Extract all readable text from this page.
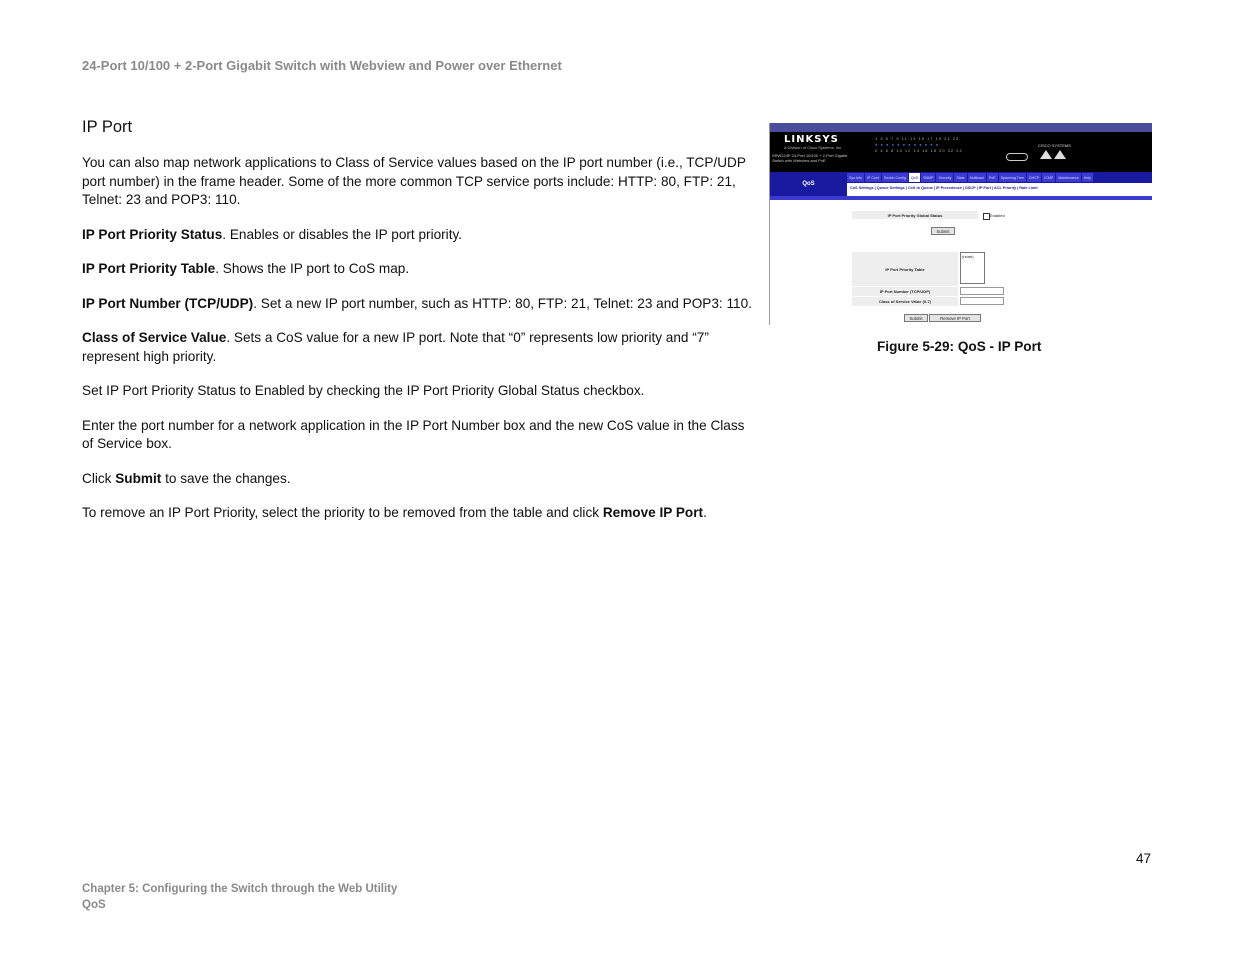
24-Port 10/100 + 2-Port Gigabit Switch with Webview and Power over Ethernet
IP Port

You can also map network applications to Class of Service values based on the IP port number (i.e., TCP/UDP port number) in the frame header. Some of the more common TCP service ports include: HTTP: 80, FTP: 21, Telnet: 23 and POP3: 110.

IP Port Priority Status. Enables or disables the IP port priority.

IP Port Priority Table. Shows the IP port to CoS map.

IP Port Number (TCP/UDP). Set a new IP port number, such as HTTP: 80, FTP: 21, Telnet: 23 and POP3: 110.

Class of Service Value. Sets a CoS value for a new IP port. Note that “0” represents low priority and “7” represent high priority.

Set IP Port Priority Status to Enabled by checking the IP Port Priority Global Status checkbox.

Enter the port number for a network application in the IP Port Number box and the new CoS value in the Class of Service box.

Click Submit to save the changes.

To remove an IP Port Priority, select the priority to be removed from the table and click Remove IP Port.

LINKSYS
A Division of Cisco Systems, Inc.
SRW224P 24-Port 10/100 + 2-Port Gigabit Switch with Webview and PoE
1 3 5 7 9 11 13 15 17 19 21 23
● ● ● ● ● ● ● ● ● ● ● ●
2 4 6 8 10 12 14 16 18 20 22 24
CISCO SYSTEMS
QoS
Sys Info	IP Conf	Switch Config	QoS	SNMP	Security	Stats	Multicast	PoE	Spanning Tree	DHCP	ICMP	Maintenance	Help
CoS Settings | Queue Settings | CoS to Queue | IP Precedence | DSCP | IP Port | ACL Priority | Rate Limit
IP Port Priority Global Status	Enabled
Submit
IP Port Priority Table
(none)
IP Port Number (TCP/UDP)
Class of Service Value (0-7)
Submit	Remove IP Port
Figure 5-29: QoS - IP Port
47
Chapter 5: Configuring the Switch through the Web Utility
QoS
